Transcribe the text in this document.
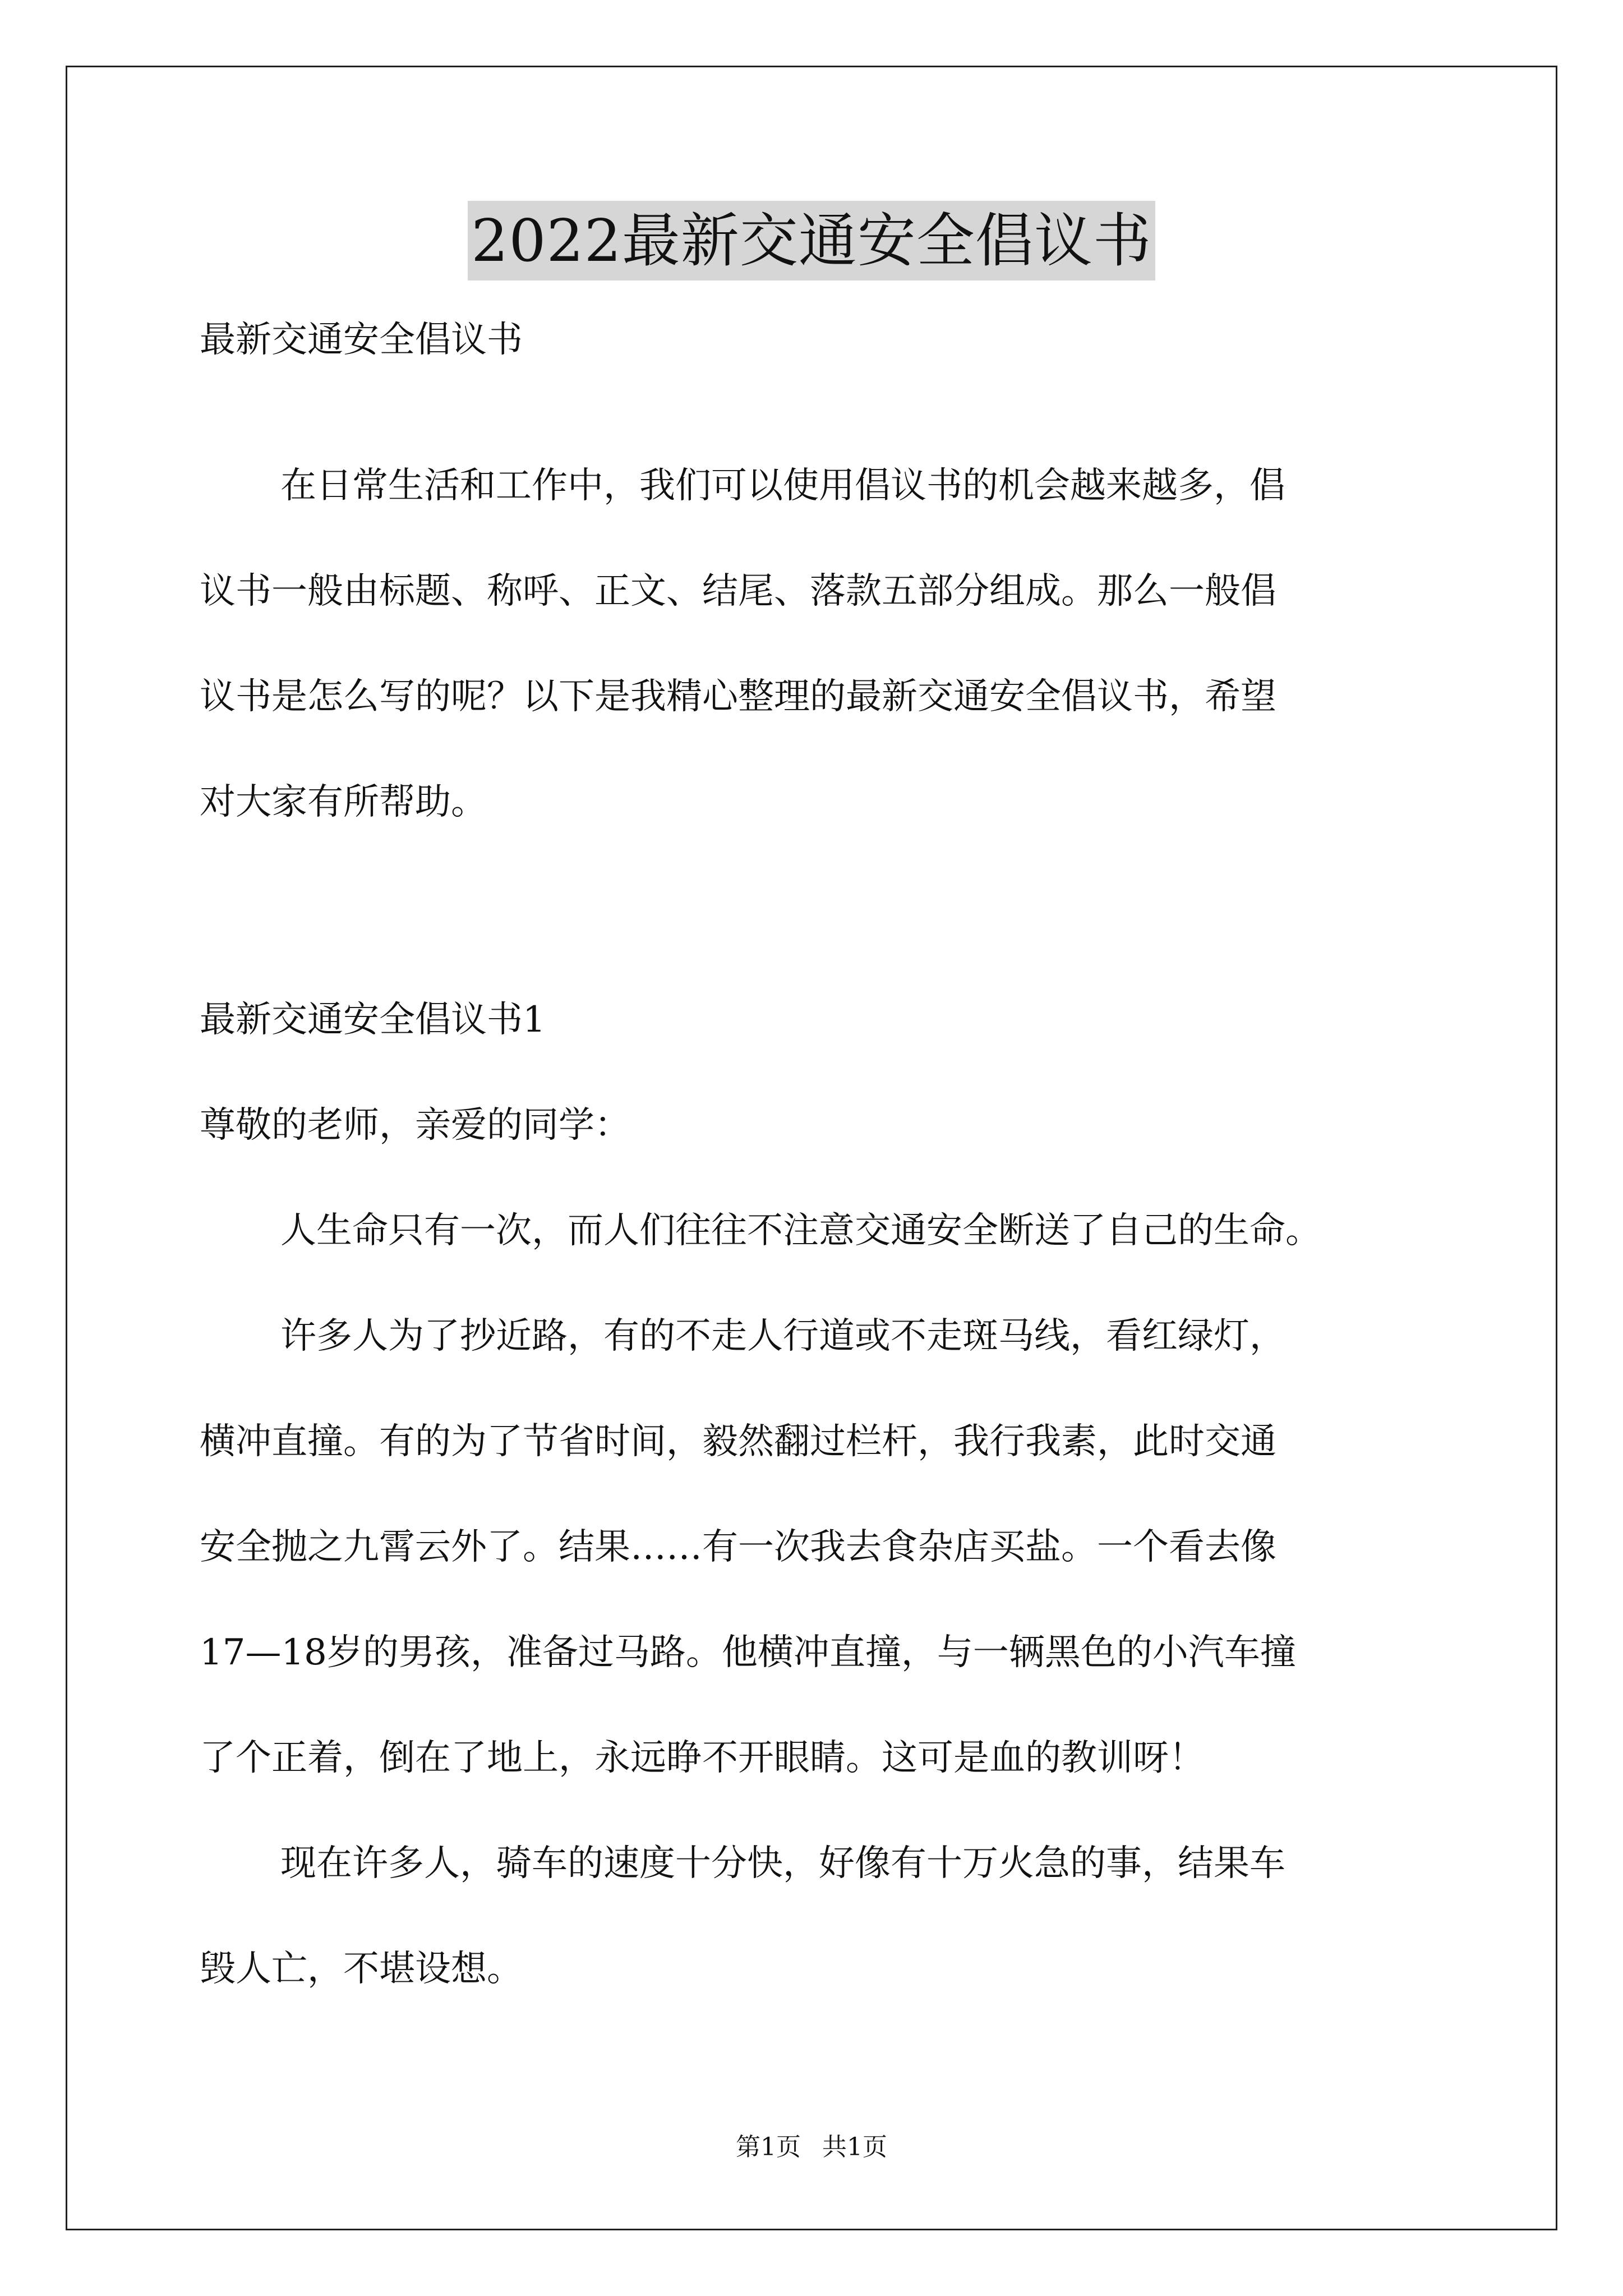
2022最新交通安全倡议书
最新交通安全倡议书
在日常生活和工作中，我们可以使用倡议书的机会越来越多，倡
议书一般由标题、称呼、正文、结尾、落款五部分组成。那么一般倡
议书是怎么写的呢？以下是我精心整理的最新交通安全倡议书，希望
对大家有所帮助。
最新交通安全倡议书1
尊敬的老师，亲爱的同学：
人生命只有一次，而人们往往不注意交通安全断送了自己的生命。
许多人为了抄近路，有的不走人行道或不走斑马线，看红绿灯，
横冲直撞。有的为了节省时间，毅然翻过栏杆，我行我素，此时交通
安全抛之九霄云外了。结果……有一次我去食杂店买盐。一个看去像
17—18岁的男孩，准备过马路。他横冲直撞，与一辆黑色的小汽车撞
了个正着，倒在了地上，永远睁不开眼睛。这可是血的教训呀！
现在许多人，骑车的速度十分快，好像有十万火急的事，结果车
毁人亡，不堪设想。
第1页 共1页
